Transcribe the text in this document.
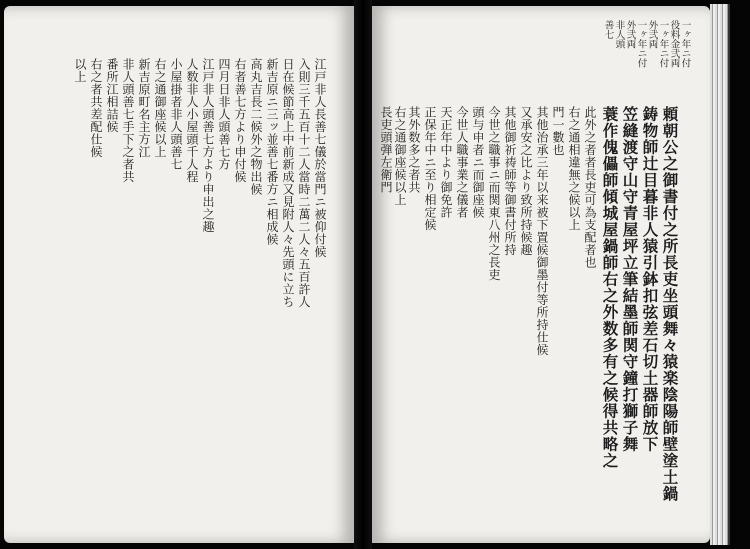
江戸非人長善七儀於當門ニ被仰付候
入則三千五百十二人當時二萬二人々五百許人
日在候節高上中前新成又見附人々先頭に立ち
新吉原ニ三ッ並善七番方ニ相成候
高丸吉長二候外之物出候
右者善七方より申付候
四月日非人頭善七方
江戸非人頭善七方より申出之趣
人数非人小屋頭千人程
小屋掛者非人頭善七
右之通御座候以上
新吉原町名主方江
非人頭善七手下之者共
番所江相詰候
右之者共差配仕候
以上
一ヶ年ニ付
役料金弐両
一ヶ年ニ付
外弐両
一ヶ年ニ付
外弐両
非人頭
善七
頼朝公之御書付之所長吏坐頭舞々猿楽陰陽師壁塗土鍋
鋳物師辻目暮非人猿引鉢扣弦差石切土器師放下
笠縫渡守山守青屋坪立筆結墨師関守鐘打獅子舞
蓑作傀儡師傾城屋鍋師右之外数多有之候得共略之
此外之者者長吏可為支配者也
右之通相違無之候以上
門一數也
其他治承三年以来被下置候御墨付等所持仕候
又承安之比より致所持候趣
其他御祈祷師等御書付所持
今世之職事ニ而関東八州之長吏
頭与申者ニ而御座候
今世人職事業之儀者
天正年中より御免許
正保年中ニ至り相定候
其外数多之者共
右之通御座候以上
長吏頭弾左衛門
